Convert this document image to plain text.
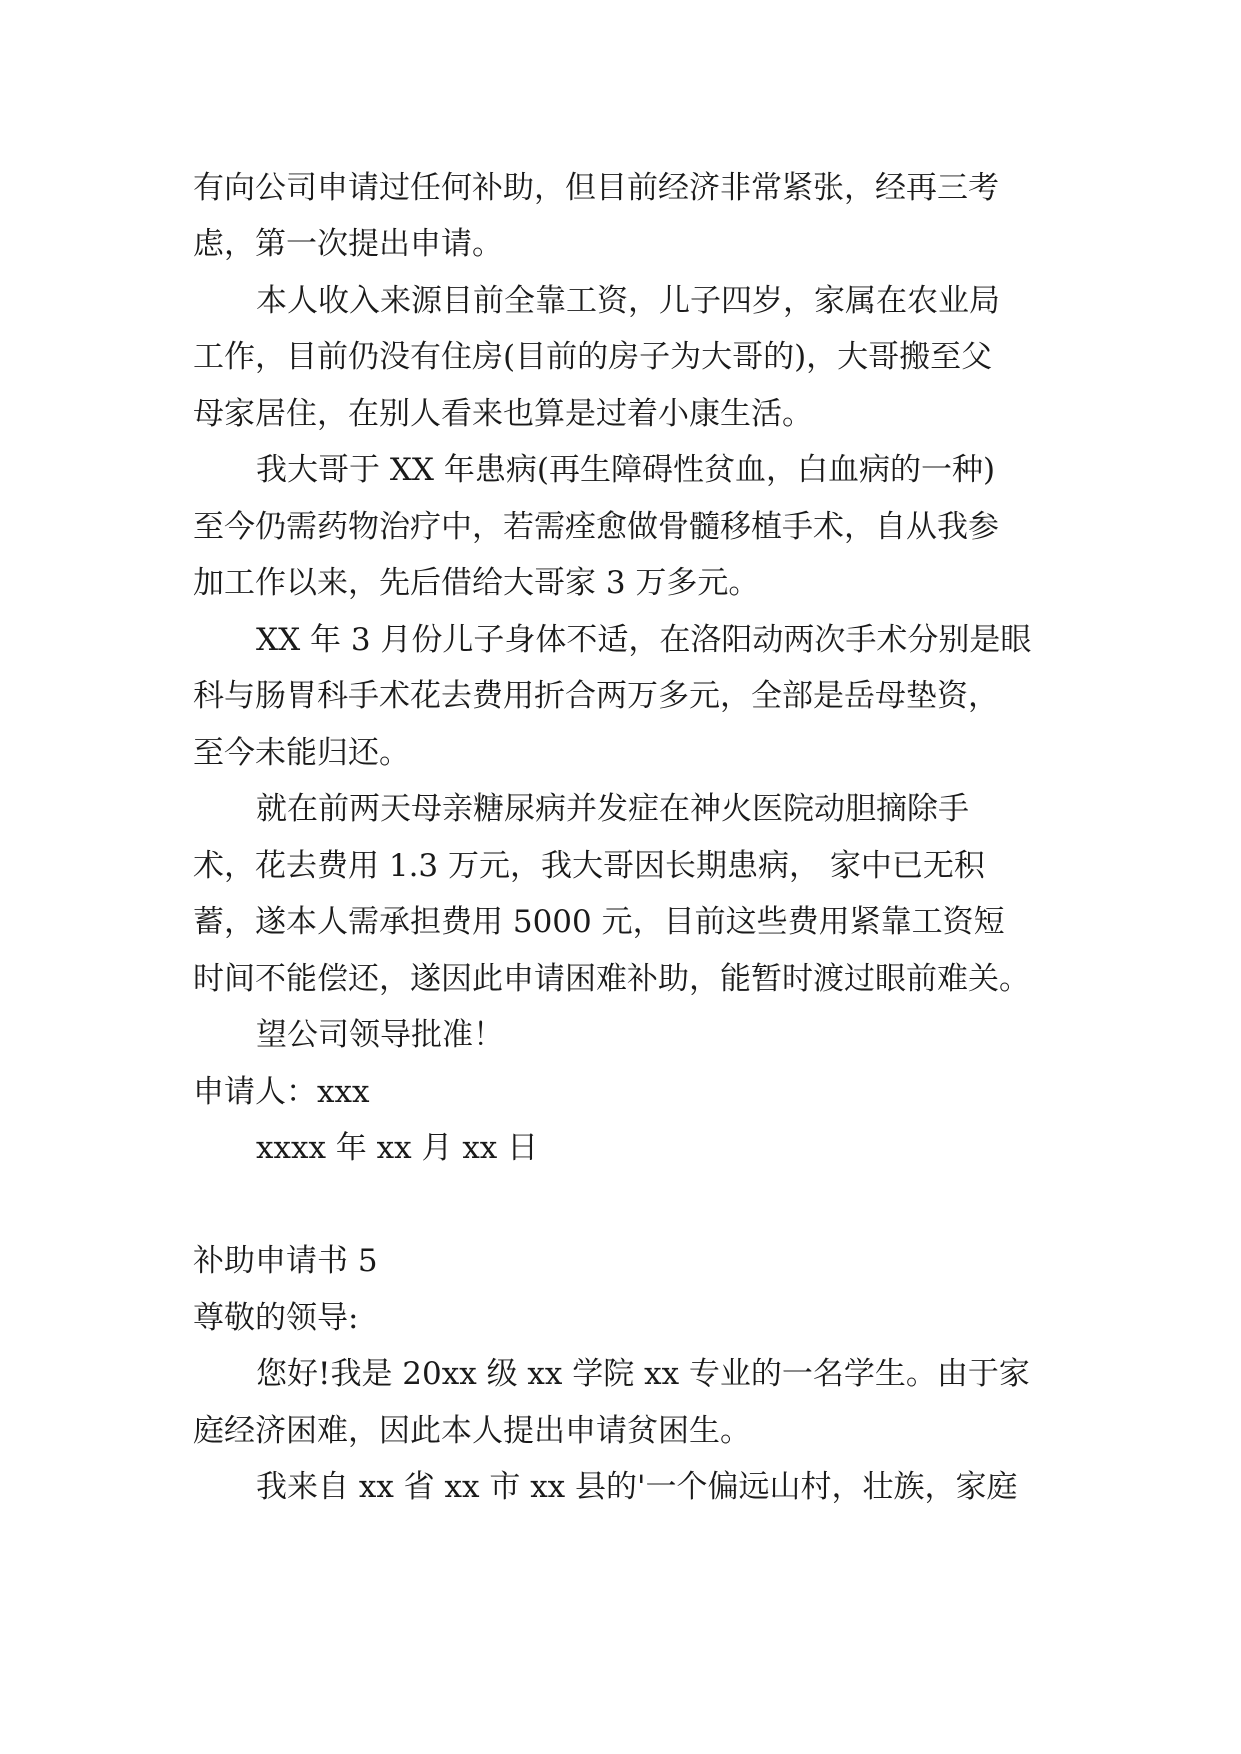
有向公司申请过任何补助，但目前经济非常紧张，经再三考

虑，第一次提出申请。

本人收入来源目前全靠工资，儿子四岁，家属在农业局

工作，目前仍没有住房(目前的房子为大哥的)，大哥搬至父

母家居住，在别人看来也算是过着小康生活。

我大哥于 XX 年患病(再生障碍性贫血，白血病的一种)

至今仍需药物治疗中，若需痊愈做骨髓移植手术，自从我参

加工作以来，先后借给大哥家 3 万多元。

XX 年 3 月份儿子身体不适，在洛阳动两次手术分别是眼

科与肠胃科手术花去费用折合两万多元，全部是岳母垫资，

至今未能归还。

就在前两天母亲糖尿病并发症在神火医院动胆摘除手

术，花去费用 1.3 万元，我大哥因长期患病， 家中已无积

蓄，遂本人需承担费用 5000 元，目前这些费用紧靠工资短

时间不能偿还，遂因此申请困难补助，能暂时渡过眼前难关。

望公司领导批准！

申请人：xxx

xxxx 年 xx 月 xx 日

补助申请书 5

尊敬的领导:

您好!我是 20xx 级 xx 学院 xx 专业的一名学生。由于家

庭经济困难，因此本人提出申请贫困生。

我来自 xx 省 xx 市 xx 县的'一个偏远山村，壮族，家庭
